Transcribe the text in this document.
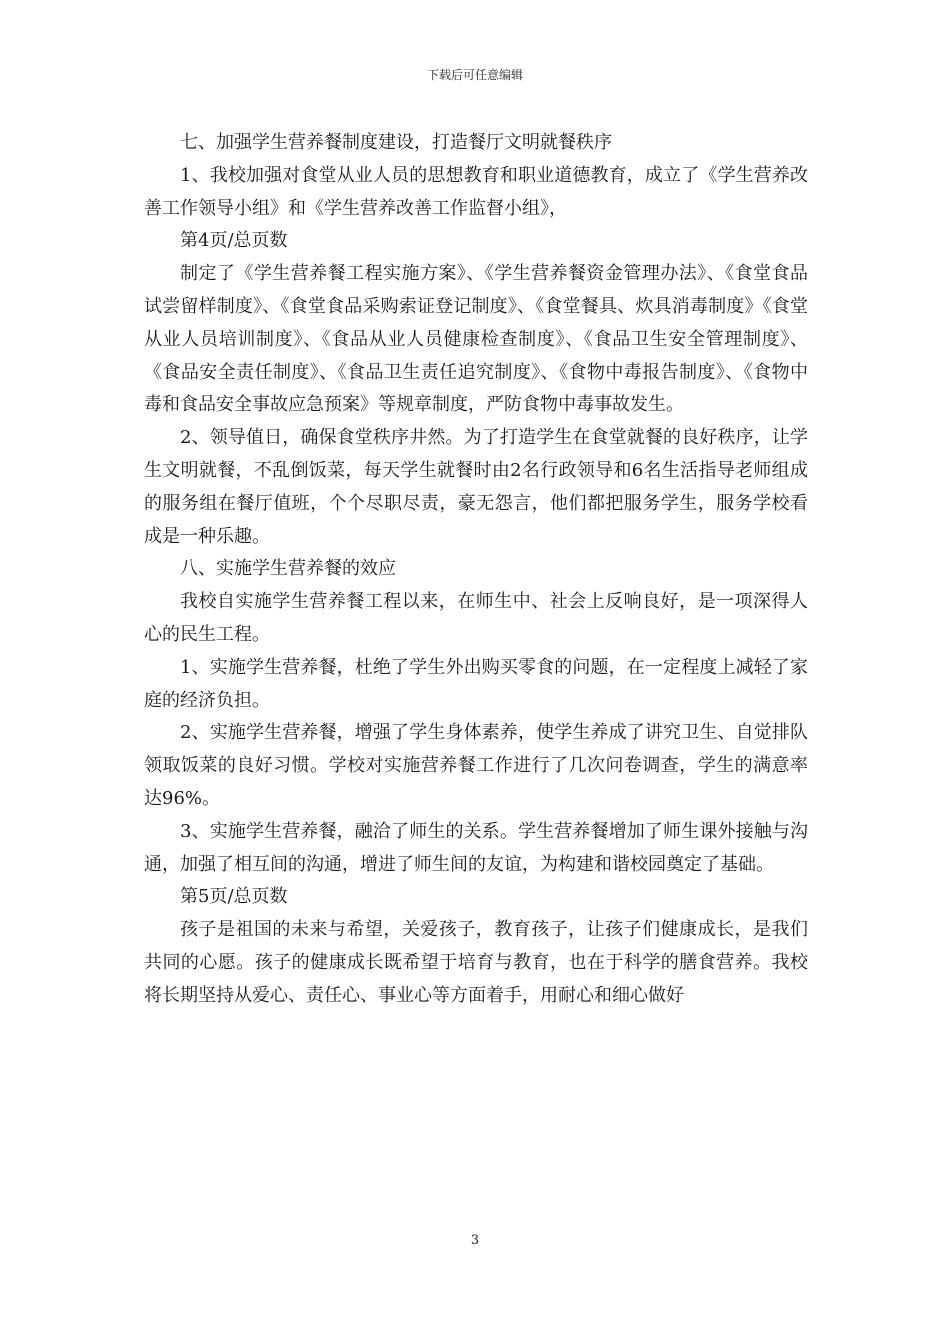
下载后可任意编辑

七、加强学生营养餐制度建设，打造餐厅文明就餐秩序

1、我校加强对食堂从业人员的思想教育和职业道德教育，成立了《学生营养改善工作领导小组》和《学生营养改善工作监督小组》，

第4页/总页数

制定了《学生营养餐工程实施方案》、《学生营养餐资金管理办法》、《食堂食品试尝留样制度》、《食堂食品采购索证登记制度》、《食堂餐具、炊具消毒制度》《食堂从业人员培训制度》、《食品从业人员健康检查制度》、《食品卫生安全管理制度》、《食品安全责任制度》、《食品卫生责任追究制度》、《食物中毒报告制度》、《食物中毒和食品安全事故应急预案》等规章制度，严防食物中毒事故发生。

2、领导值日，确保食堂秩序井然。为了打造学生在食堂就餐的良好秩序，让学生文明就餐，不乱倒饭菜，每天学生就餐时由2名行政领导和6名生活指导老师组成的服务组在餐厅值班，个个尽职尽责，豪无怨言，他们都把服务学生，服务学校看成是一种乐趣。

八、实施学生营养餐的效应

我校自实施学生营养餐工程以来，在师生中、社会上反响良好，是一项深得人心的民生工程。

1、实施学生营养餐，杜绝了学生外出购买零食的问题，在一定程度上减轻了家庭的经济负担。

2、实施学生营养餐，增强了学生身体素养，使学生养成了讲究卫生、自觉排队领取饭菜的良好习惯。学校对实施营养餐工作进行了几次问卷调查，学生的满意率达96%。

3、实施学生营养餐，融洽了师生的关系。学生营养餐增加了师生课外接触与沟通，加强了相互间的沟通，增进了师生间的友谊，为构建和谐校园奠定了基础。

第5页/总页数

孩子是祖国的未来与希望，关爱孩子，教育孩子，让孩子们健康成长，是我们共同的心愿。孩子的健康成长既希望于培育与教育，也在于科学的膳食营养。我校将长期坚持从爱心、责任心、事业心等方面着手，用耐心和细心做好

3
